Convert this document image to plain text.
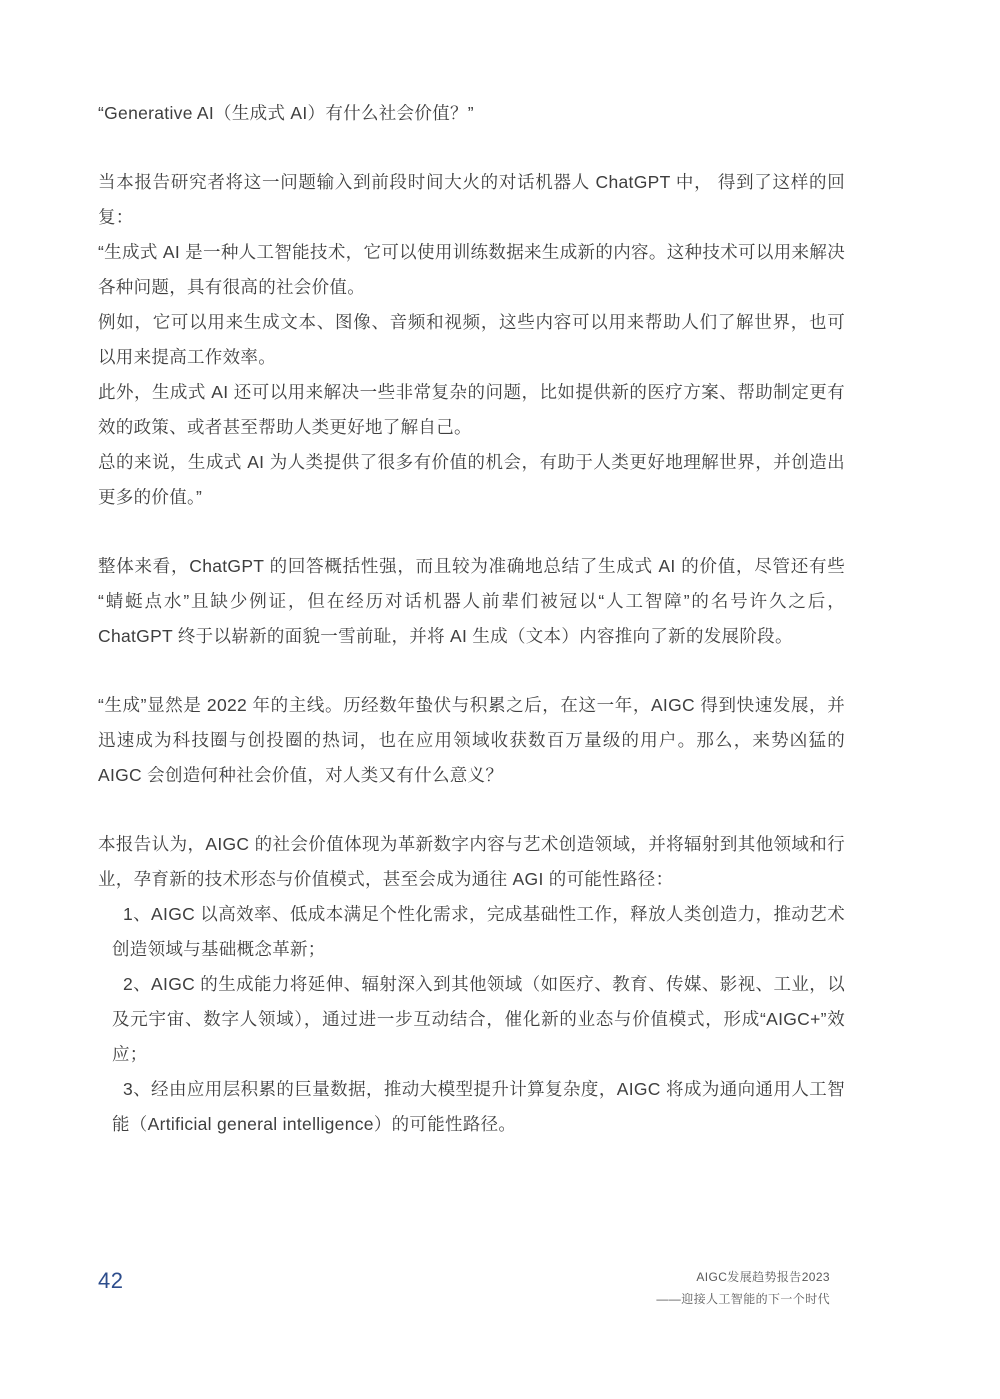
“Generative AI（生成式 AI）有什么社会价值？”

当本报告研究者将这一问题输入到前段时间大火的对话机器人 ChatGPT 中， 得到了这样的回复：

“生成式 AI 是一种人工智能技术，它可以使用训练数据来生成新的内容。这种技术可以用来解决各种问题，具有很高的社会价值。

例如，它可以用来生成文本、图像、音频和视频，这些内容可以用来帮助人们了解世界，也可以用来提高工作效率。

此外，生成式 AI 还可以用来解决一些非常复杂的问题，比如提供新的医疗方案、帮助制定更有效的政策、或者甚至帮助人类更好地了解自己。

总的来说，生成式 AI 为人类提供了很多有价值的机会，有助于人类更好地理解世界，并创造出更多的价值。”

整体来看，ChatGPT 的回答概括性强，而且较为准确地总结了生成式 AI 的价值，尽管还有些“蜻蜓点水”且缺少例证，但在经历对话机器人前辈们被冠以“人工智障”的名号许久之后，ChatGPT 终于以崭新的面貌一雪前耻，并将 AI 生成（文本）内容推向了新的发展阶段。

“生成”显然是 2022 年的主线。历经数年蛰伏与积累之后，在这一年，AIGC 得到快速发展，并迅速成为科技圈与创投圈的热词，也在应用领域收获数百万量级的用户。那么，来势凶猛的 AIGC 会创造何种社会价值，对人类又有什么意义？

本报告认为，AIGC 的社会价值体现为革新数字内容与艺术创造领域，并将辐射到其他领域和行业，孕育新的技术形态与价值模式，甚至会成为通往 AGI 的可能性路径：

1、AIGC 以高效率、低成本满足个性化需求，完成基础性工作，释放人类创造力，推动艺术创造领域与基础概念革新；

2、AIGC 的生成能力将延伸、辐射深入到其他领域（如医疗、教育、传媒、影视、工业，以及元宇宙、数字人领域），通过进一步互动结合，催化新的业态与价值模式，形成“AIGC+”效应；

3、经由应用层积累的巨量数据，推动大模型提升计算复杂度，AIGC 将成为通向通用人工智能（Artificial general intelligence）的可能性路径。

42	AIGC发展趋势报告2023
——迎接人工智能的下一个时代
